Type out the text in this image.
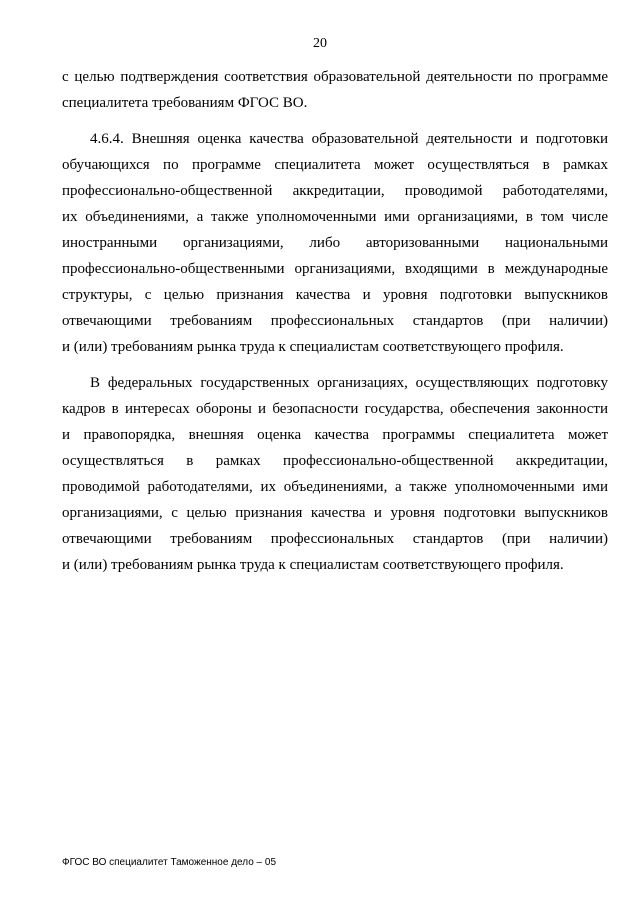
20
с целью подтверждения соответствия образовательной деятельности по программе
специалитета требованиям ФГОС ВО.
4.6.4. Внешняя оценка качества образовательной деятельности и подготовки
обучающихся по программе специалитета может осуществляться в рамках
профессионально-общественной аккредитации, проводимой работодателями,
их объединениями, а также уполномоченными ими организациями, в том числе
иностранными организациями, либо авторизованными национальными
профессионально-общественными организациями, входящими в международные
структуры, с целью признания качества и уровня подготовки выпускников
отвечающими требованиям профессиональных стандартов (при наличии)
и (или) требованиям рынка труда к специалистам соответствующего профиля.
В федеральных государственных организациях, осуществляющих подготовку
кадров в интересах обороны и безопасности государства, обеспечения законности
и правопорядка, внешняя оценка качества программы специалитета может
осуществляться в рамках профессионально-общественной аккредитации,
проводимой работодателями, их объединениями, а также уполномоченными ими
организациями, с целью признания качества и уровня подготовки выпускников
отвечающими требованиям профессиональных стандартов (при наличии)
и (или) требованиям рынка труда к специалистам соответствующего профиля.
ФГОС ВО специалитет Таможенное дело – 05
